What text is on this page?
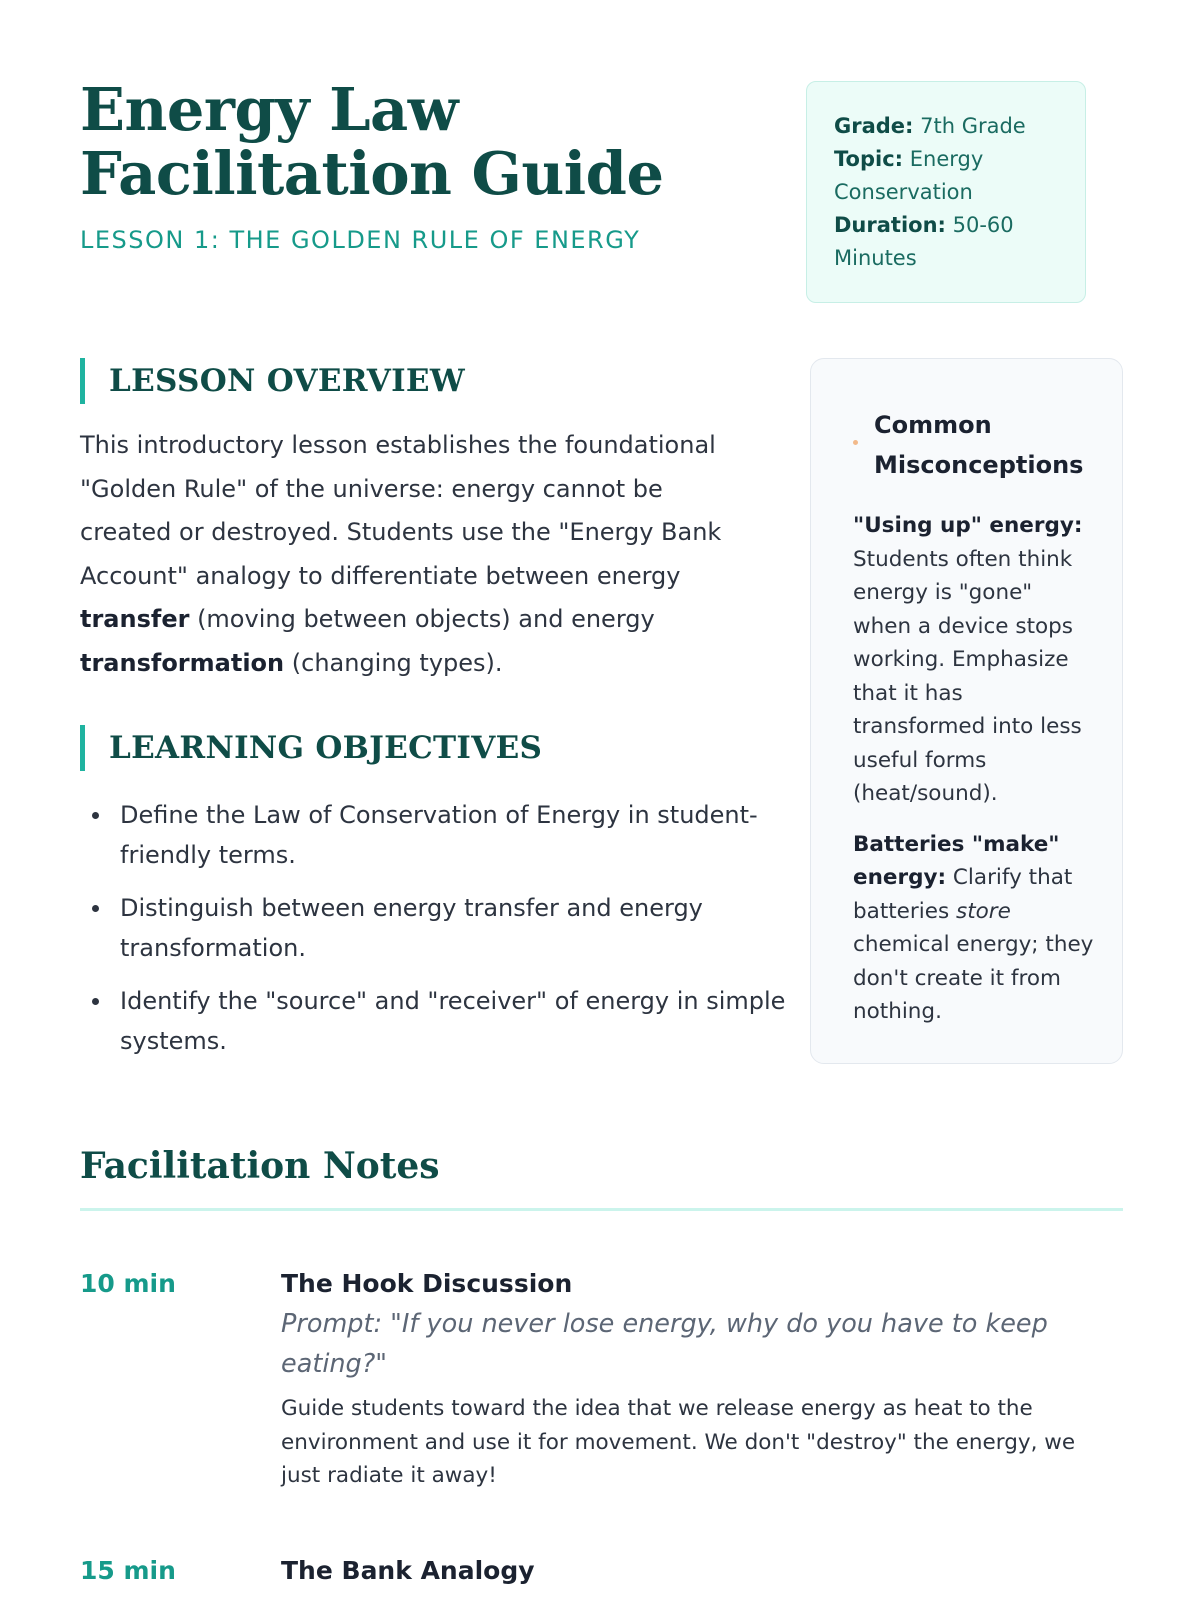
Energy Law Facilitation Guide
LESSON 1: THE GOLDEN RULE OF ENERGY
Grade: 7th Grade
Topic: Energy Conservation
Duration: 50-60 Minutes
LESSON OVERVIEW

This introductory lesson establishes the foundational "Golden Rule" of the universe: energy cannot be created or destroyed. Students use the "Energy Bank Account" analogy to differentiate between energy transfer (moving between objects) and energy transformation (changing types).

LEARNING OBJECTIVES
Define the Law of Conservation of Energy in student-friendly terms.
Distinguish between energy transfer and energy transformation.
Identify the "source" and "receiver" of energy in simple systems.
Common Misconceptions

"Using up" energy: Students often think energy is "gone" when a device stops working. Emphasize that it has transformed into less useful forms (heat/sound).

Batteries "make" energy: Clarify that batteries store chemical energy; they don't create it from nothing.

Facilitation Notes
10 min	The Hook Discussion

Prompt: "If you never lose energy, why do you have to keep eating?"

Guide students toward the idea that we release energy as heat to the environment and use it for movement. We don't "destroy" the energy, we just radiate it away!

15 min	The Bank Analogy
